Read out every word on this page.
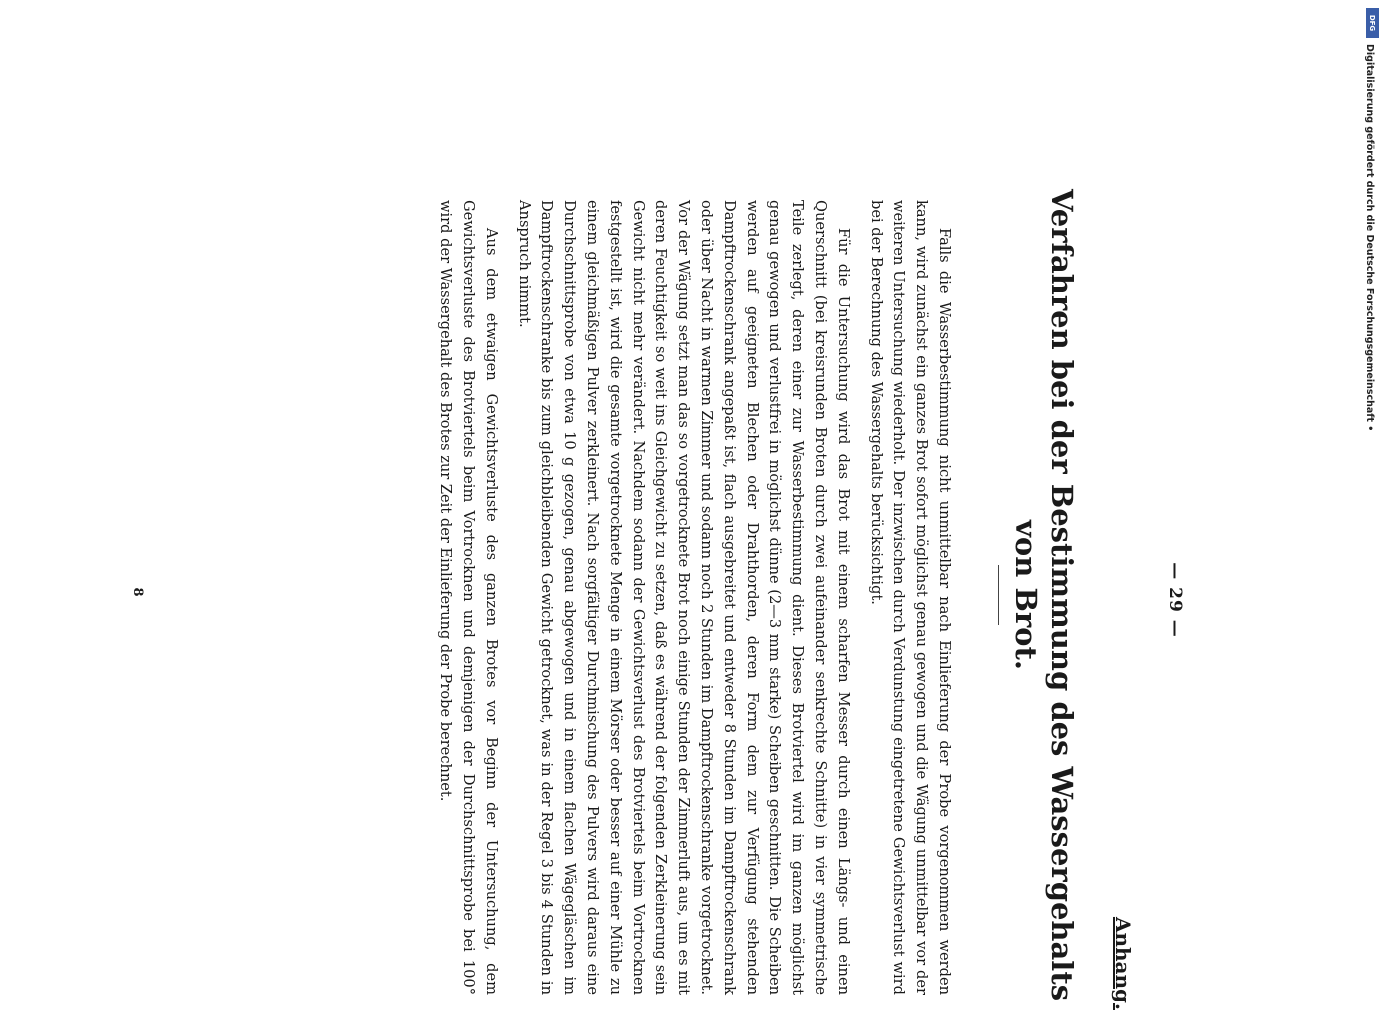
— 29 —
Anhang.
Verfahren bei der Bestimmung des Wassergehalts von Brot.

Falls die Wasserbestimmung nicht unmittelbar nach Einlieferung der Probe vorgenommen werden kann, wird zunächst ein ganzes Brot sofort möglichst genau gewogen und die Wägung unmittelbar vor der weiteren Untersuchung wiederholt. Der inzwischen durch Verdunstung eingetretene Gewichtsverlust wird bei der Berechnung des Wassergehalts berücksichtigt.

Für die Untersuchung wird das Brot mit einem scharfen Messer durch einen Längs- und einen Querschnitt (bei kreisrunden Broten durch zwei aufeinander senkrechte Schnitte) in vier symmetrische Teile zerlegt, deren einer zur Wasserbestimmung dient. Dieses Brotviertel wird im ganzen möglichst genau gewogen und verlustfrei in möglichst dünne (2—3 mm starke) Scheiben geschnitten. Die Scheiben werden auf geeigneten Blechen oder Drahthorden, deren Form dem zur Verfügung stehenden Dampftrockenschrank angepaßt ist, flach ausgebreitet und entweder 8 Stunden im Dampftrockenschrank oder über Nacht in warmen Zimmer und sodann noch 2 Stunden im Dampftrockenschranke vorgetrocknet. Vor der Wägung setzt man das so vorgetrocknete Brot noch einige Stunden der Zimmerluft aus, um es mit deren Feuchtigkeit so weit ins Gleichgewicht zu setzen, daß es während der folgenden Zerkleinerung sein Gewicht nicht mehr verändert. Nachdem sodann der Gewichtsverlust des Brotviertels beim Vortrocknen festgestellt ist, wird die gesamte vorgetrocknete Menge in einem Mörser oder besser auf einer Mühle zu einem gleichmäßigen Pulver zerkleinert. Nach sorgfältiger Durchmischung des Pulvers wird daraus eine Durchschnittsprobe von etwa 10 g gezogen, genau abgewogen und in einem flachen Wägegläschen im Dampftrockenschranke bis zum gleichbleibenden Gewicht getrocknet, was in der Regel 3 bis 4 Stunden in Anspruch nimmt.

Aus dem etwaigen Gewichtsverluste des ganzen Brotes vor Beginn der Untersuchung, dem Gewichtsverluste des Brotviertels beim Vortrocknen und demjenigen der Durchschnittsprobe bei 100° wird der Wassergehalt des Brotes zur Zeit der Einlieferung der Probe berechnet.

8
DFG
Digitalisierung gefördert durch die Deutsche Forschungsgemeinschaft •
